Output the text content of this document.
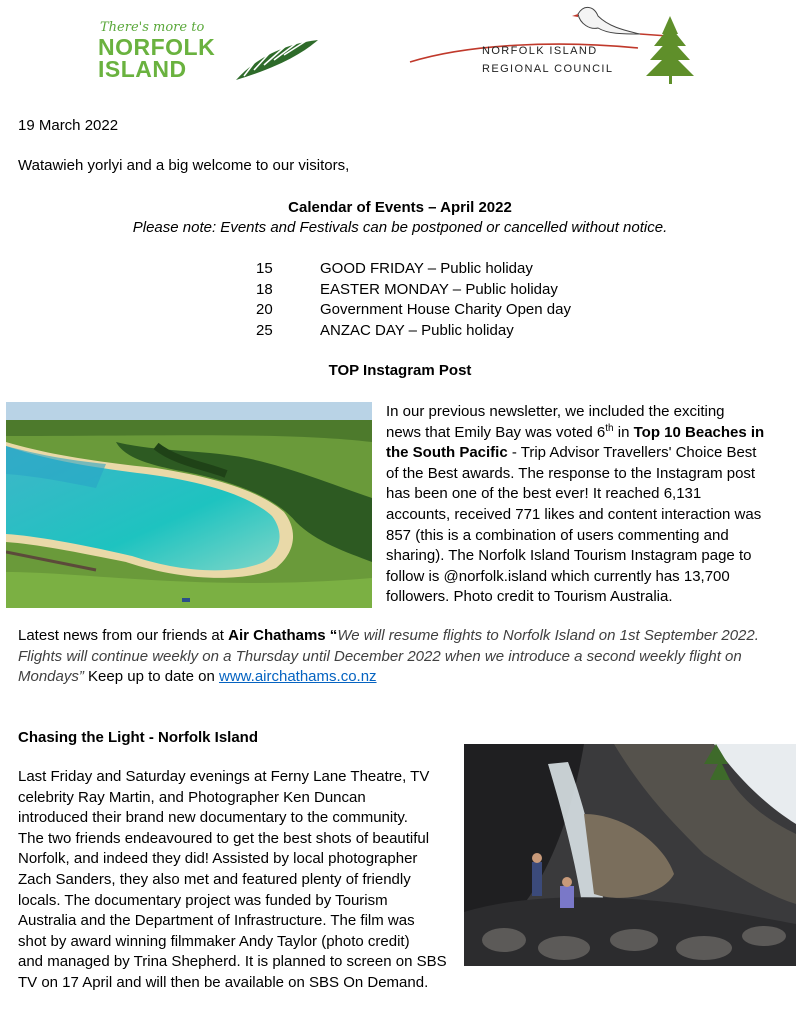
There's more to
NORFOLK
ISLAND
NORFOLK ISLAND
REGIONAL COUNCIL
19 March 2022
Watawieh yorlyi and a big welcome to our visitors,
Calendar of Events – April 2022
Please note: Events and Festivals can be postponed or cancelled without notice.
15	GOOD FRIDAY – Public holiday
18	EASTER MONDAY – Public holiday
20	Government House Charity Open day
25	ANZAC DAY – Public holiday
TOP Instagram Post
In our previous newsletter, we included the exciting
news that Emily Bay was voted 6th in Top 10 Beaches in
the South Pacific - Trip Advisor Travellers' Choice Best
of the Best awards. The response to the Instagram post
has been one of the best ever! It reached 6,131
accounts, received 771 likes and content interaction was
857 (this is a combination of users commenting and
sharing). The Norfolk Island Tourism Instagram page to
follow is @norfolk.island which currently has 13,700
followers. Photo credit to Tourism Australia.
Latest news from our friends at Air Chathams “We will resume flights to Norfolk Island on 1st September 2022.
Flights will continue weekly on a Thursday until December 2022 when we introduce a second weekly flight on
Mondays” Keep up to date on www.airchathams.co.nz
Chasing the Light - Norfolk Island
Last Friday and Saturday evenings at Ferny Lane Theatre, TV
celebrity Ray Martin, and Photographer Ken Duncan
introduced their brand new documentary to the community.
The two friends endeavoured to get the best shots of beautiful
Norfolk, and indeed they did! Assisted by local photographer
Zach Sanders, they also met and featured plenty of friendly
locals. The documentary project was funded by Tourism
Australia and the Department of Infrastructure. The film was
shot by award winning filmmaker Andy Taylor (photo credit)
and managed by Trina Shepherd. It is planned to screen on SBS
TV on 17 April and will then be available on SBS On Demand.
